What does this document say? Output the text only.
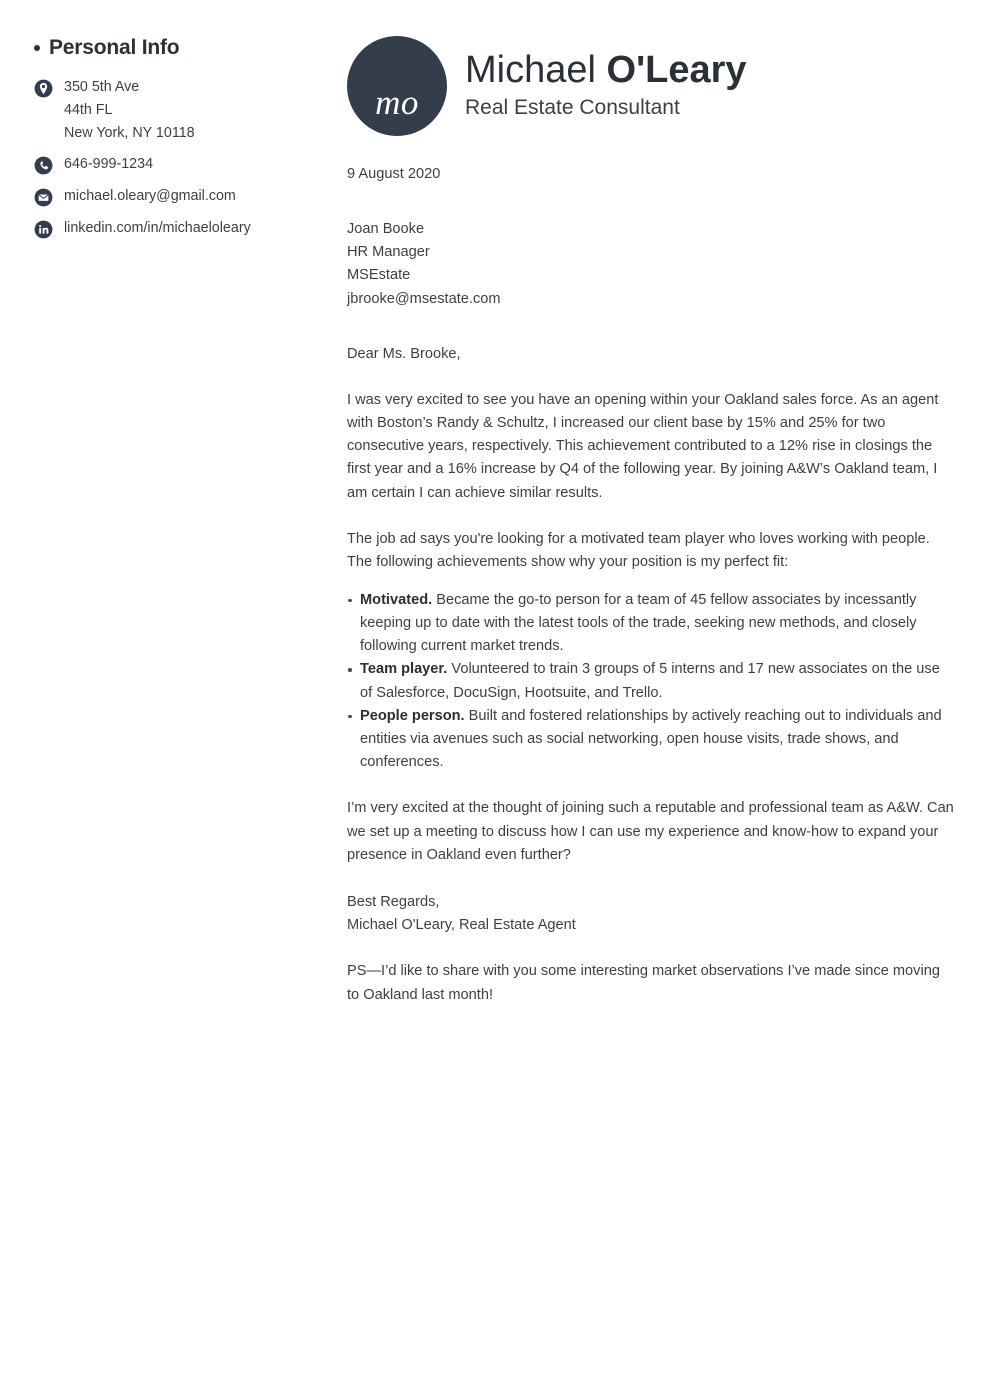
Personal Info
350 5th Ave
44th FL
New York, NY 10118
646-999-1234
michael.oleary@gmail.com
linkedin.com/in/michaeloleary
mo
Michael O'Leary
Real Estate Consultant
9 August 2020
Joan Booke
HR Manager
MSEstate
jbrooke@msestate.com
Dear Ms. Brooke,

I was very excited to see you have an opening within your Oakland sales force. As an agent with Boston’s Randy & Schultz, I increased our client base by 15% and 25% for two consecutive years, respectively. This achievement contributed to a 12% rise in closings the first year and a 16% increase by Q4 of the following year. By joining A&W’s Oakland team, I am certain I can achieve similar results.

The job ad says you're looking for a motivated team player who loves working with people. The following achievements show why your position is my perfect fit:

Motivated. Became the go-to person for a team of 45 fellow associates by incessantly keeping up to date with the latest tools of the trade, seeking new methods, and closely following current market trends.
Team player. Volunteered to train 3 groups of 5 interns and 17 new associates on the use of Salesforce, DocuSign, Hootsuite, and Trello.
People person. Built and fostered relationships by actively reaching out to individuals and entities via avenues such as social networking, open house visits, trade shows, and conferences.

I’m very excited at the thought of joining such a reputable and professional team as A&W. Can we set up a meeting to discuss how I can use my experience and know-how to expand your presence in Oakland even further?

Best Regards,
Michael O'Leary, Real Estate Agent

PS—I’d like to share with you some interesting market observations I’ve made since moving to Oakland last month!
